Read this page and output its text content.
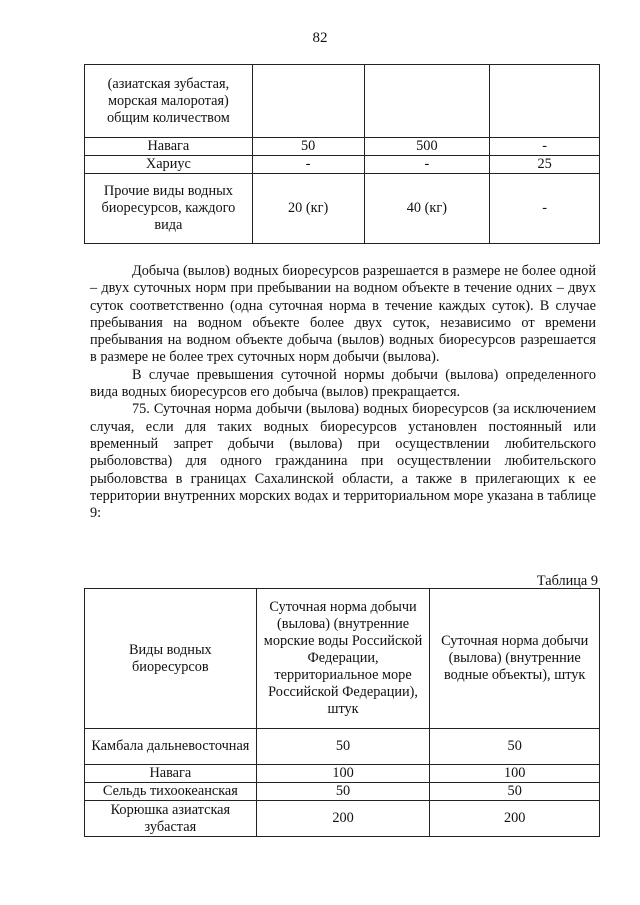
82
(азиатская зубастая, морская малоротая) общим количеством			
Навага	50	500	-
Хариус	-	-	25
Прочие виды водных биоресурсов, каждого вида	20 (кг)	40 (кг)	-

Добыча (вылов) водных биоресурсов разрешается в размере не более одной – двух суточных норм при пребывании на водном объекте в течение одних – двух суток соответственно (одна суточная норма в течение каждых суток). В случае пребывания на водном объекте более двух суток, независимо от времени пребывания на водном объекте добыча (вылов) водных биоресурсов разрешается в размере не более трех суточных норм добычи (вылова).

В случае превышения суточной нормы добычи (вылова) определенного вида водных биоресурсов его добыча (вылов) прекращается.

75. Суточная норма добычи (вылова) водных биоресурсов (за исключением случая, если для таких водных биоресурсов установлен постоянный или временный запрет добычи (вылова) при осуществлении любительского рыболовства) для одного гражданина при осуществлении любительского рыболовства в границах Сахалинской области, а также в прилегающих к ее территории внутренних морских водах и территориальном море указана в таблице 9:

Таблица 9
Виды водных биоресурсов	Суточная норма добычи (вылова) (внутренние морские воды Российской Федерации, территориальное море Российской Федерации), штук	Суточная норма добычи (вылова) (внутренние водные объекты), штук
Камбала дальневосточная	50	50
Навага	100	100
Сельдь тихоокеанская	50	50
Корюшка азиатская зубастая	200	200
